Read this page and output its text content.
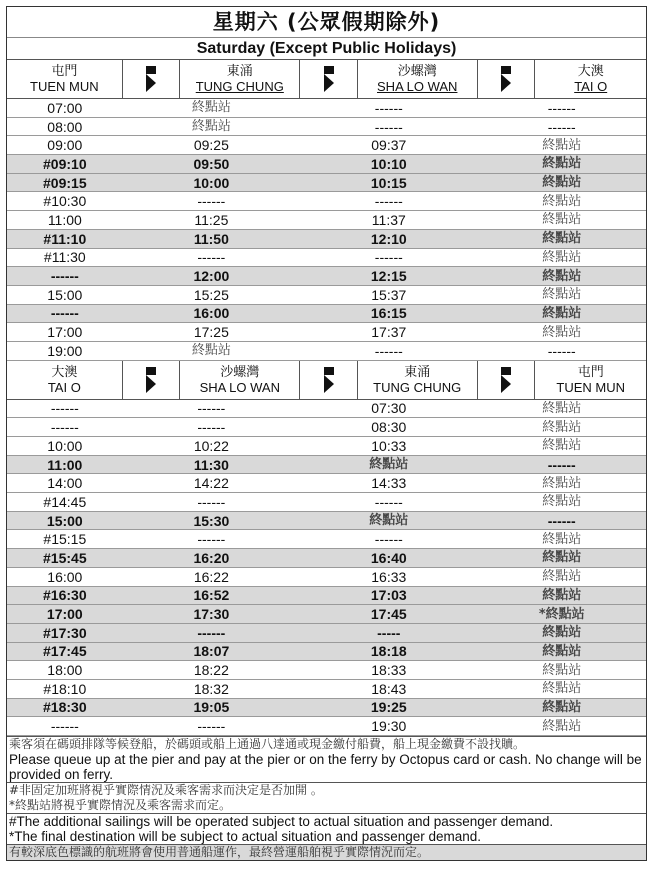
星期六 (公眾假期除外)
Saturday (Except Public Holidays)
屯門
TUEN MUN
東涌
TUNG CHUNG
沙螺灣
SHA LO WAN
大澳
TAI O
07:00	終點站	------	------
08:00	終點站	------	------
09:00	09:25	09:37	終點站
#09:10	09:50	10:10	終點站
#09:15	10:00	10:15	終點站
#10:30	------	------	終點站
11:00	11:25	11:37	終點站
#11:10	11:50	12:10	終點站
#11:30	------	------	終點站
------	12:00	12:15	終點站
15:00	15:25	15:37	終點站
------	16:00	16:15	終點站
17:00	17:25	17:37	終點站
19:00	終點站	------	------
大澳
TAI O
沙螺灣
SHA LO WAN
東涌
TUNG CHUNG
屯門
TUEN MUN
------	------	07:30	終點站
------	------	08:30	終點站
10:00	10:22	10:33	終點站
11:00	11:30	終點站	------
14:00	14:22	14:33	終點站
#14:45	------	------	終點站
15:00	15:30	終點站	------
#15:15	------	------	終點站
#15:45	16:20	16:40	終點站
16:00	16:22	16:33	終點站
#16:30	16:52	17:03	終點站
17:00	17:30	17:45	*終點站
#17:30	------	-----	終點站
#17:45	18:07	18:18	終點站
18:00	18:22	18:33	終點站
#18:10	18:32	18:43	終點站
#18:30	19:05	19:25	終點站
------	------	19:30	終點站
乘客須在碼頭排隊等候登船，於碼頭或船上通過八達通或現金繳付船費，船上現金繳費不設找贖。
Please queue up at the pier and pay at the pier or on the ferry by Octopus card or cash. No change will be provided on ferry.
#非固定加班將視乎實際情況及乘客需求而決定是否加開 。
*終點站將視乎實際情況及乘客需求而定。
#The additional sailings will be operated subject to actual situation and passenger demand.
*The final destination will be subject to actual situation and passenger demand.
有較深底色標識的航班將會使用普通船運作，最終營運船舶視乎實際情況而定。
